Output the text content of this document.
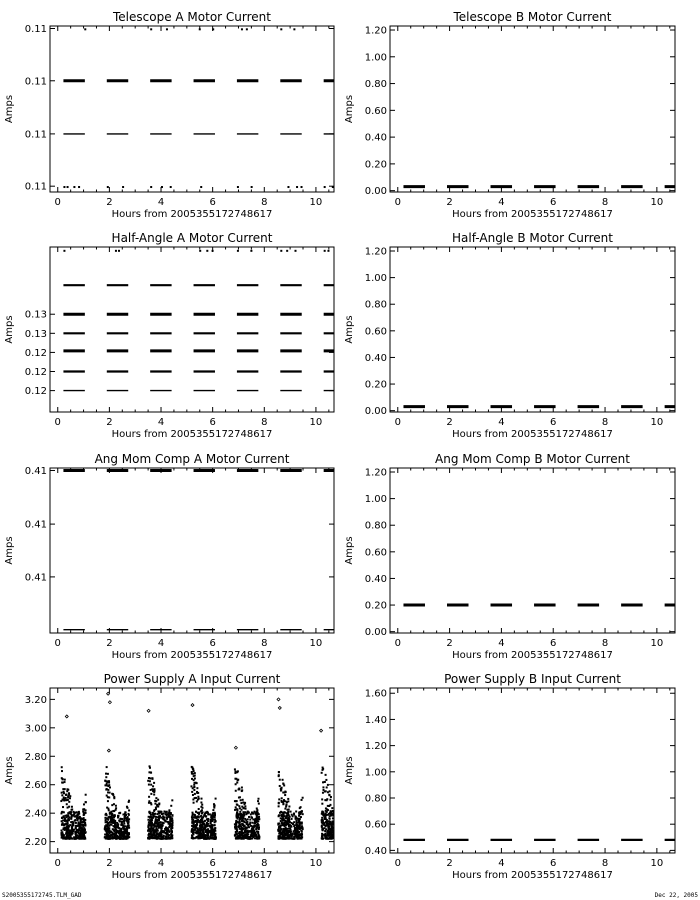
Telescope A Motor Current
0	2	4	6	8	10
Hours from 2005355172748617
0.11
0.11
0.11
0.11
Amps
Telescope B Motor Current
0	2	4	6	8	10
Hours from 2005355172748617
0.00
0.20
0.40
0.60
0.80
1.00
1.20
Amps
Half-Angle A Motor Current
0	2	4	6	8	10
Hours from 2005355172748617
0.12
0.12
0.12
0.13
0.13
Amps
Half-Angle B Motor Current
0	2	4	6	8	10
Hours from 2005355172748617
0.00
0.20
0.40
0.60
0.80
1.00
1.20
Amps
Ang Mom Comp A Motor Current
0	2	4	6	8	10
Hours from 2005355172748617
0.41
0.41
0.41
Amps
Ang Mom Comp B Motor Current
0	2	4	6	8	10
Hours from 2005355172748617
0.00
0.20
0.40
0.60
0.80
1.00
1.20
Amps
Power Supply A Input Current
0	2	4	6	8	10
Hours from 2005355172748617
2.20
2.40
2.60
2.80
3.00
3.20
Amps
Power Supply B Input Current
0	2	4	6	8	10
Hours from 2005355172748617
0.40
0.60
0.80
1.00
1.20
1.40
1.60
Amps
S2005355172745.TLM_GAD	Dec 22, 2005
